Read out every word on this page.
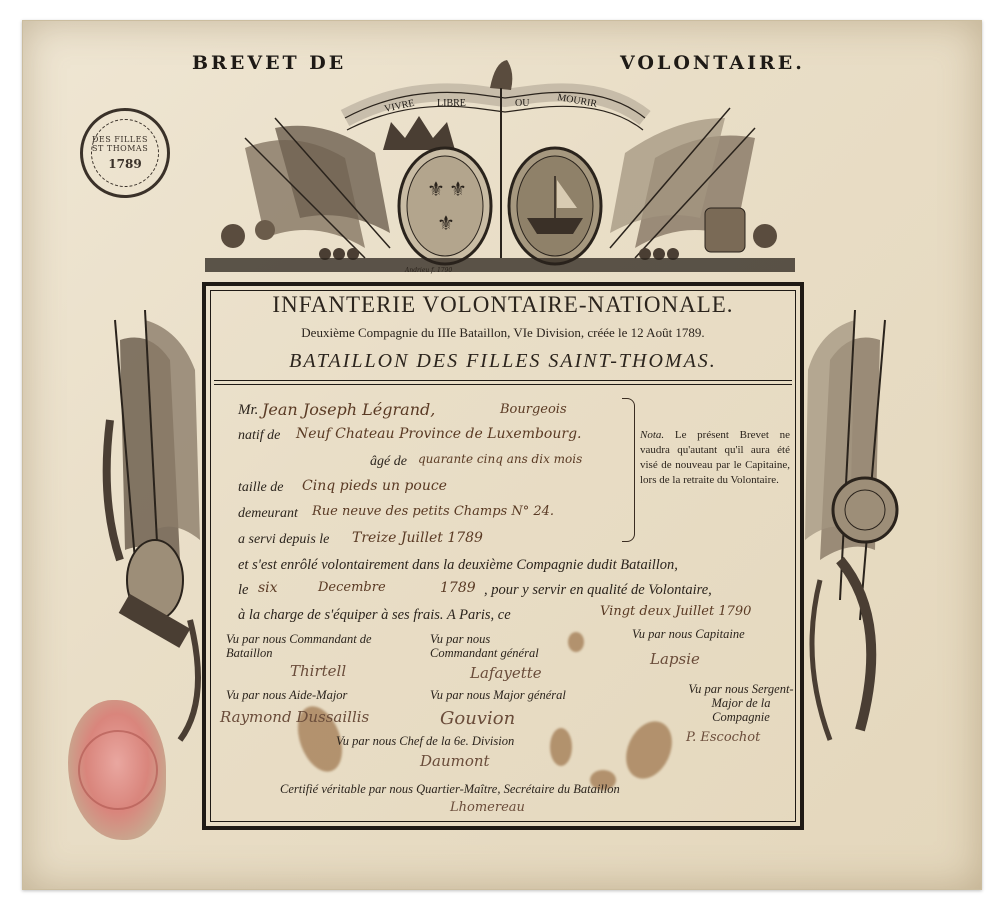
BREVET DE	VOLONTAIRE.
DES FILLES ST THOMAS
1789
VIVRE LIBRE	OU	MOURIR
⚜ ⚜
⚜
Andrieu f. 1790
INFANTERIE VOLONTAIRE-NATIONALE.
Deuxième Compagnie du IIIe Bataillon, VIe Division, créée le 12 Août 1789.
BATAILLON DES FILLES SAINT-THOMAS.
Mr. Jean Joseph Légrand,	Bourgeois
natif de Neuf Chateau Province de Luxembourg.
âgé de quarante cinq ans dix mois
taille de Cinq pieds un pouce
demeurant Rue neuve des petits Champs N° 24.
a servi depuis le Treize Juillet 1789
Nota. Le présent Brevet ne vaudra qu'autant qu'il aura été visé de nouveau par le Capitaine, lors de la retraite du Volontaire.
et s'est enrôlé volontairement dans la deuxième Compagnie dudit Bataillon,
le six	Decembre	1789 , pour y servir en qualité de Volontaire,
à la charge de s'équiper à ses frais. A Paris, ce	Vingt deux Juillet 1790
Vu par nous Commandant de Bataillon
Thirtell
Vu par nous Commandant général
Lafayette
Vu par nous Capitaine
Lapsie
Vu par nous Aide-Major
Raymond Dussaillis
Vu par nous Major général
Gouvion
Vu par nous Sergent-Major de la Compagnie
P. Escochot
Vu par nous Chef de la 6e. Division
Daumont
Certifié véritable par nous Quartier-Maître, Secrétaire du Bataillon
Lhomereau
